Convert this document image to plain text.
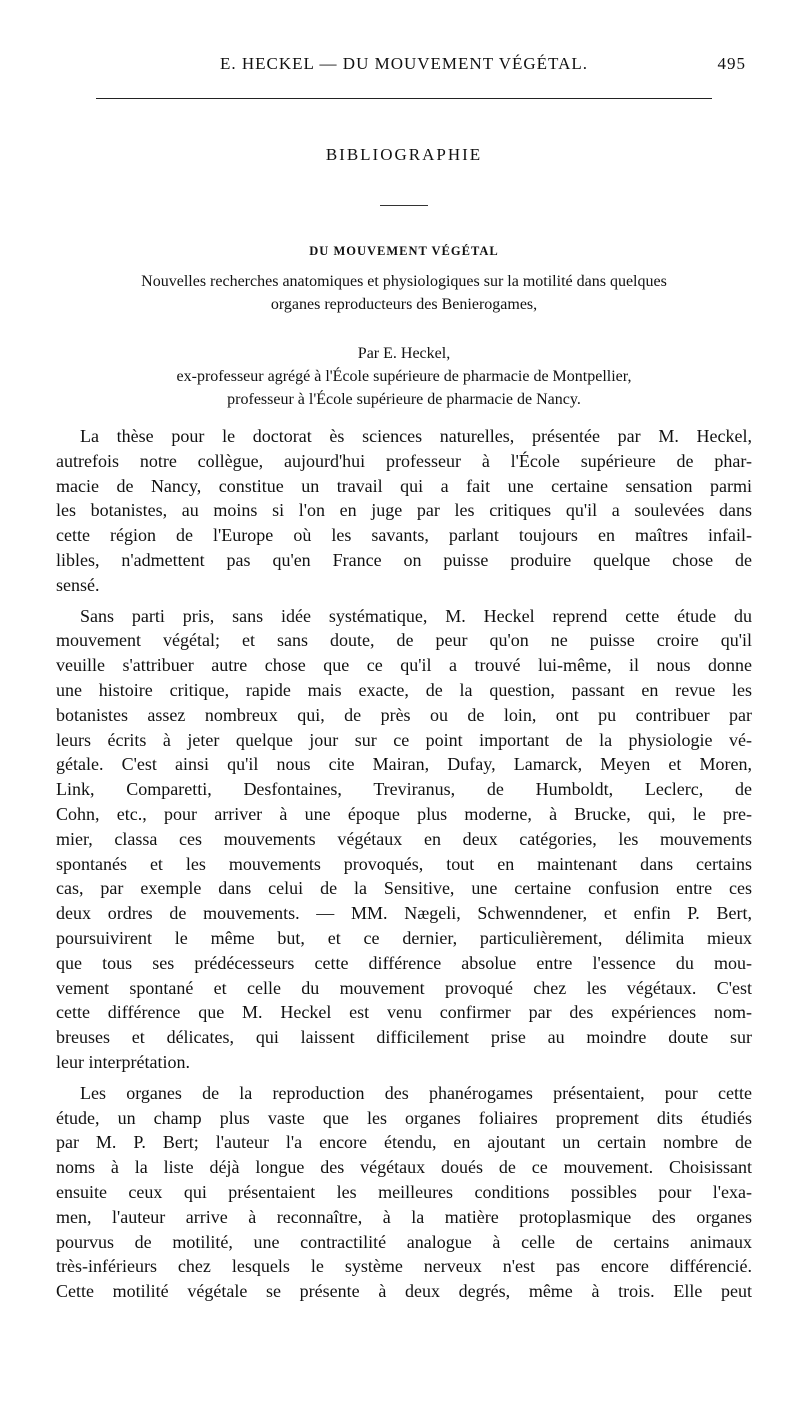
E. HECKEL — DU MOUVEMENT VÉGÉTAL.	495
BIBLIOGRAPHIE
DU MOUVEMENT VÉGÉTAL
Nouvelles recherches anatomiques et physiologiques sur la motilité dans quelques
organes reproducteurs des Benierogames,
Par E. Heckel,
ex-professeur agrégé à l'École supérieure de pharmacie de Montpellier,
professeur à l'École supérieure de pharmacie de Nancy.

La thèse pour le doctorat ès sciences naturelles, présentée par M. Heckel,
autrefois notre collègue, aujourd'hui professeur à l'École supérieure de phar-
macie de Nancy, constitue un travail qui a fait une certaine sensation parmi
les botanistes, au moins si l'on en juge par les critiques qu'il a soulevées dans
cette région de l'Europe où les savants, parlant toujours en maîtres infail-
libles, n'admettent pas qu'en France on puisse produire quelque chose de
sensé.

Sans parti pris, sans idée systématique, M. Heckel reprend cette étude du
mouvement végétal; et sans doute, de peur qu'on ne puisse croire qu'il
veuille s'attribuer autre chose que ce qu'il a trouvé lui-même, il nous donne
une histoire critique, rapide mais exacte, de la question, passant en revue les
botanistes assez nombreux qui, de près ou de loin, ont pu contribuer par
leurs écrits à jeter quelque jour sur ce point important de la physiologie vé-
gétale. C'est ainsi qu'il nous cite Mairan, Dufay, Lamarck, Meyen et Moren,
Link, Comparetti, Desfontaines, Treviranus, de Humboldt, Leclerc, de
Cohn, etc., pour arriver à une époque plus moderne, à Brucke, qui, le pre-
mier, classa ces mouvements végétaux en deux catégories, les mouvements
spontanés et les mouvements provoqués, tout en maintenant dans certains
cas, par exemple dans celui de la Sensitive, une certaine confusion entre ces
deux ordres de mouvements. — MM. Nægeli, Schwenndener, et enfin P. Bert,
poursuivirent le même but, et ce dernier, particulièrement, délimita mieux
que tous ses prédécesseurs cette différence absolue entre l'essence du mou-
vement spontané et celle du mouvement provoqué chez les végétaux. C'est
cette différence que M. Heckel est venu confirmer par des expériences nom-
breuses et délicates, qui laissent difficilement prise au moindre doute sur
leur interprétation.

Les organes de la reproduction des phanérogames présentaient, pour cette
étude, un champ plus vaste que les organes foliaires proprement dits étudiés
par M. P. Bert; l'auteur l'a encore étendu, en ajoutant un certain nombre de
noms à la liste déjà longue des végétaux doués de ce mouvement. Choisissant
ensuite ceux qui présentaient les meilleures conditions possibles pour l'exa-
men, l'auteur arrive à reconnaître, à la matière protoplasmique des organes
pourvus de motilité, une contractilité analogue à celle de certains animaux
très-inférieurs chez lesquels le système nerveux n'est pas encore différencié.
Cette motilité végétale se présente à deux degrés, même à trois. Elle peut
